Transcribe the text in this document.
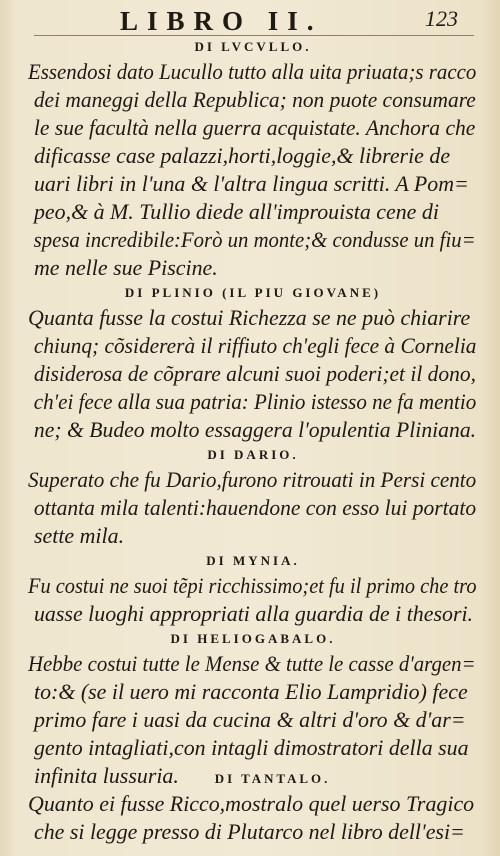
LIBRO II.	123
DI LVCVLLO.
Essendosi dato Lucullo tutto alla uita priuata;s racco
dei maneggi della Republica; non puote consumare
le sue facultà nella guerra acquistate. Anchora che
dificasse case palazzi,horti,loggie,& librerie de
uari libri in l'una & l'altra lingua scritti. A Pom=
peo,& à M. Tullio diede all'improuista cene di
spesa incredibile:Forò un monte;& condusse un fiu=
me nelle sue Piscine.
DI PLINIO (IL PIU GIOVANE)
Quanta fusse la costui Richezza se ne può chiarire
chiunq; cõsidererà il riffiuto ch'egli fece à Cornelia
disiderosa de cõprare alcuni suoi poderi;et il dono,
ch'ei fece alla sua patria: Plinio istesso ne fa mentio
ne; & Budeo molto essaggera l'opulentia Pliniana.
DI DARIO.
Superato che fu Dario,furono ritrouati in Persi cento
ottanta mila talenti:hauendone con esso lui portato
sette mila.
DI MYNIA.
Fu costui ne suoi tẽpi ricchissimo;et fu il primo che tro
uasse luoghi appropriati alla guardia de i thesori.
DI HELIOGABALO.
Hebbe costui tutte le Mense & tutte le casse d'argen=
to:& (se il uero mi racconta Elio Lampridio) fece
primo fare i uasi da cucina & altri d'oro & d'ar=
gento intagliati,con intagli dimostratori della sua
infinita lussuria.	DI TANTALO.
Quanto ei fusse Ricco,mostralo quel uerso Tragico
che si legge presso di Plutarco nel libro dell'esi=
